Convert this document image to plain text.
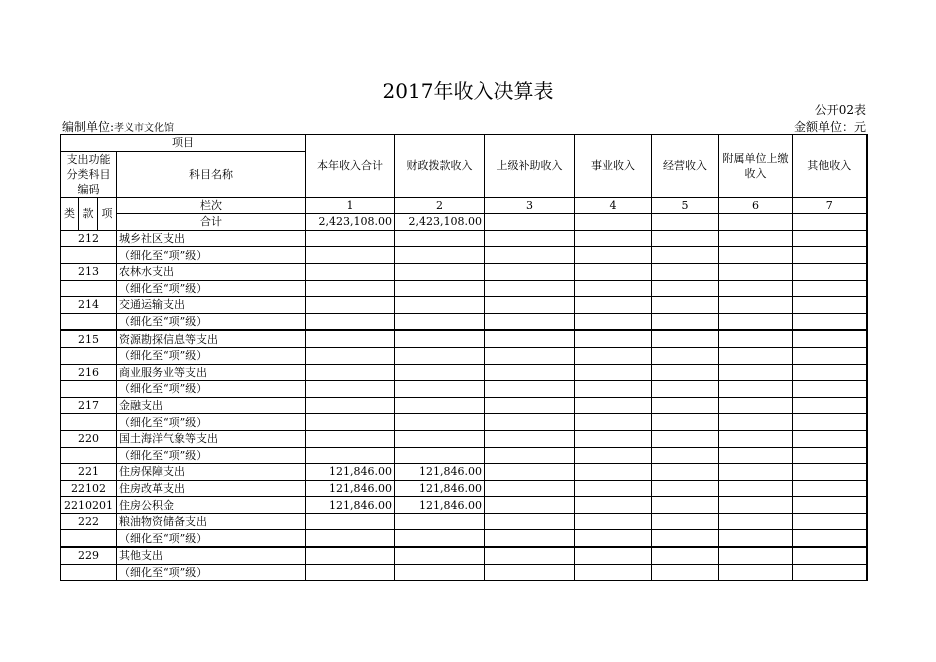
2017年收入决算表
公开02表
编制单位:孝义市文化馆	金额单位：元
项目				本年收入合计	财政拨款收入	上级补助收入	事业收入	经营收入	附属单位上缴收入	其他收入
支出功能分类科目编码			科目名称							

类	款	项	栏次	1	2	3	4	5	6	7
			合计	2,423,108.00	2,423,108.00					
212			城乡社区支出							
			（细化至“项”级）							
213			农林水支出							
			（细化至“项”级）							
214			交通运输支出							
			（细化至“项”级）							
215			资源勘探信息等支出							
			（细化至“项”级）							
216			商业服务业等支出							
			（细化至“项”级）							
217			金融支出							
			（细化至“项”级）							
220			国土海洋气象等支出							
			（细化至“项”级）							
221			住房保障支出	121,846.00	121,846.00					
22102			住房改革支出	121,846.00	121,846.00					
2210201			住房公积金	121,846.00	121,846.00					
222			粮油物资储备支出							
			（细化至“项”级）							
229			其他支出							
			（细化至“项”级）							
